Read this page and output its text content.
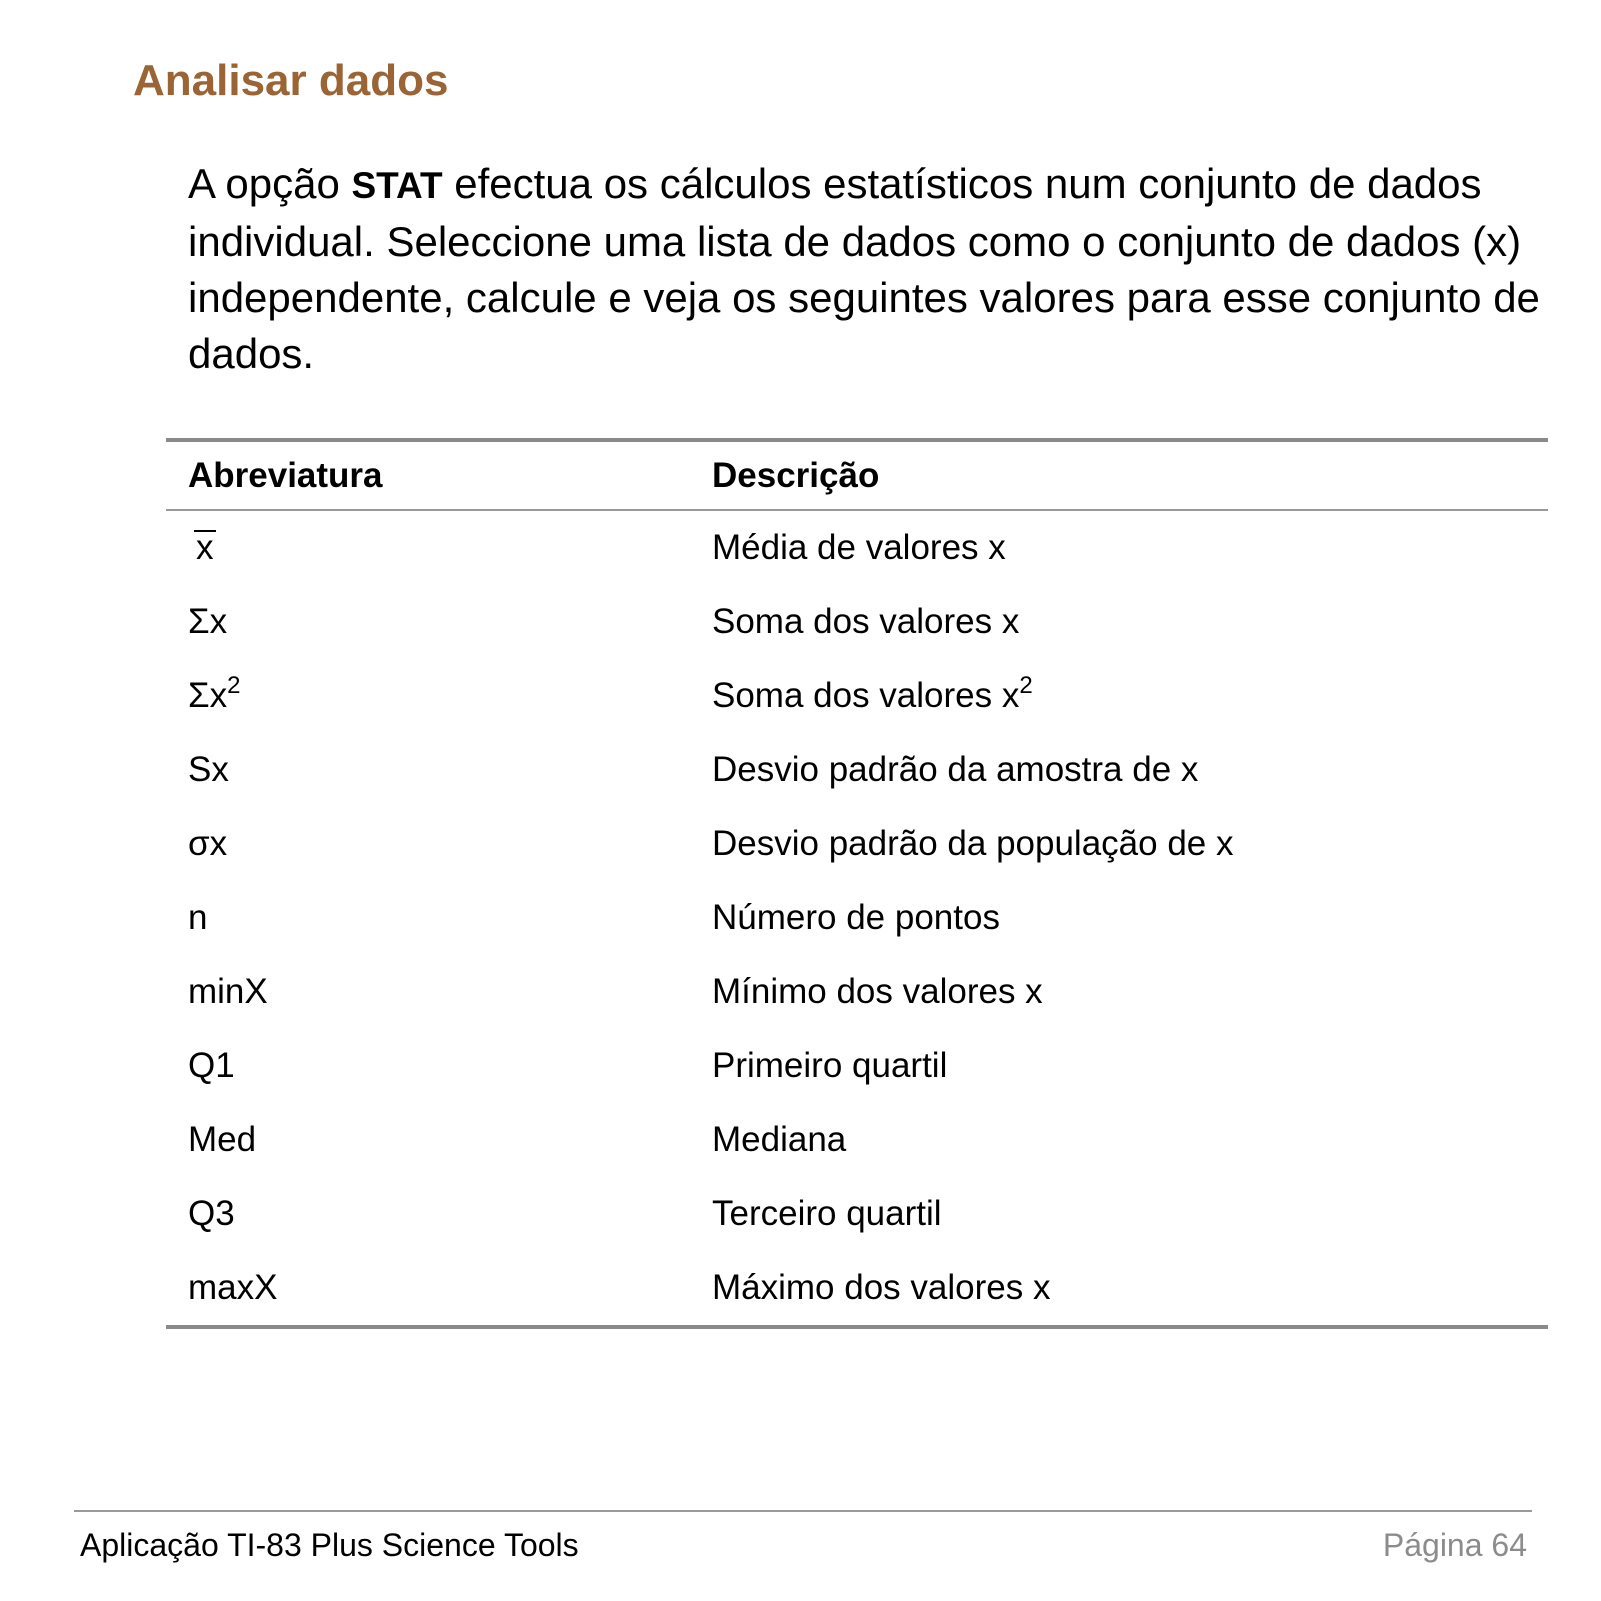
Analisar dados

A opção STAT efectua os cálculos estatísticos num conjunto de dados individual. Seleccione uma lista de dados como o conjunto de dados (x) independente, calcule e veja os seguintes valores para esse conjunto de dados.

Abreviatura	Descrição
x	Média de valores x
Σx	Soma dos valores x
$\Sigma x^2$	Soma dos valores $x^2$
Sx	Desvio padrão da amostra de x
σx	Desvio padrão da população de x
n	Número de pontos
minX	Mínimo dos valores x
Q1	Primeiro quartil
Med	Mediana
Q3	Terceiro quartil
maxX	Máximo dos valores x
Aplicação TI-83 Plus Science Tools	Página 64
